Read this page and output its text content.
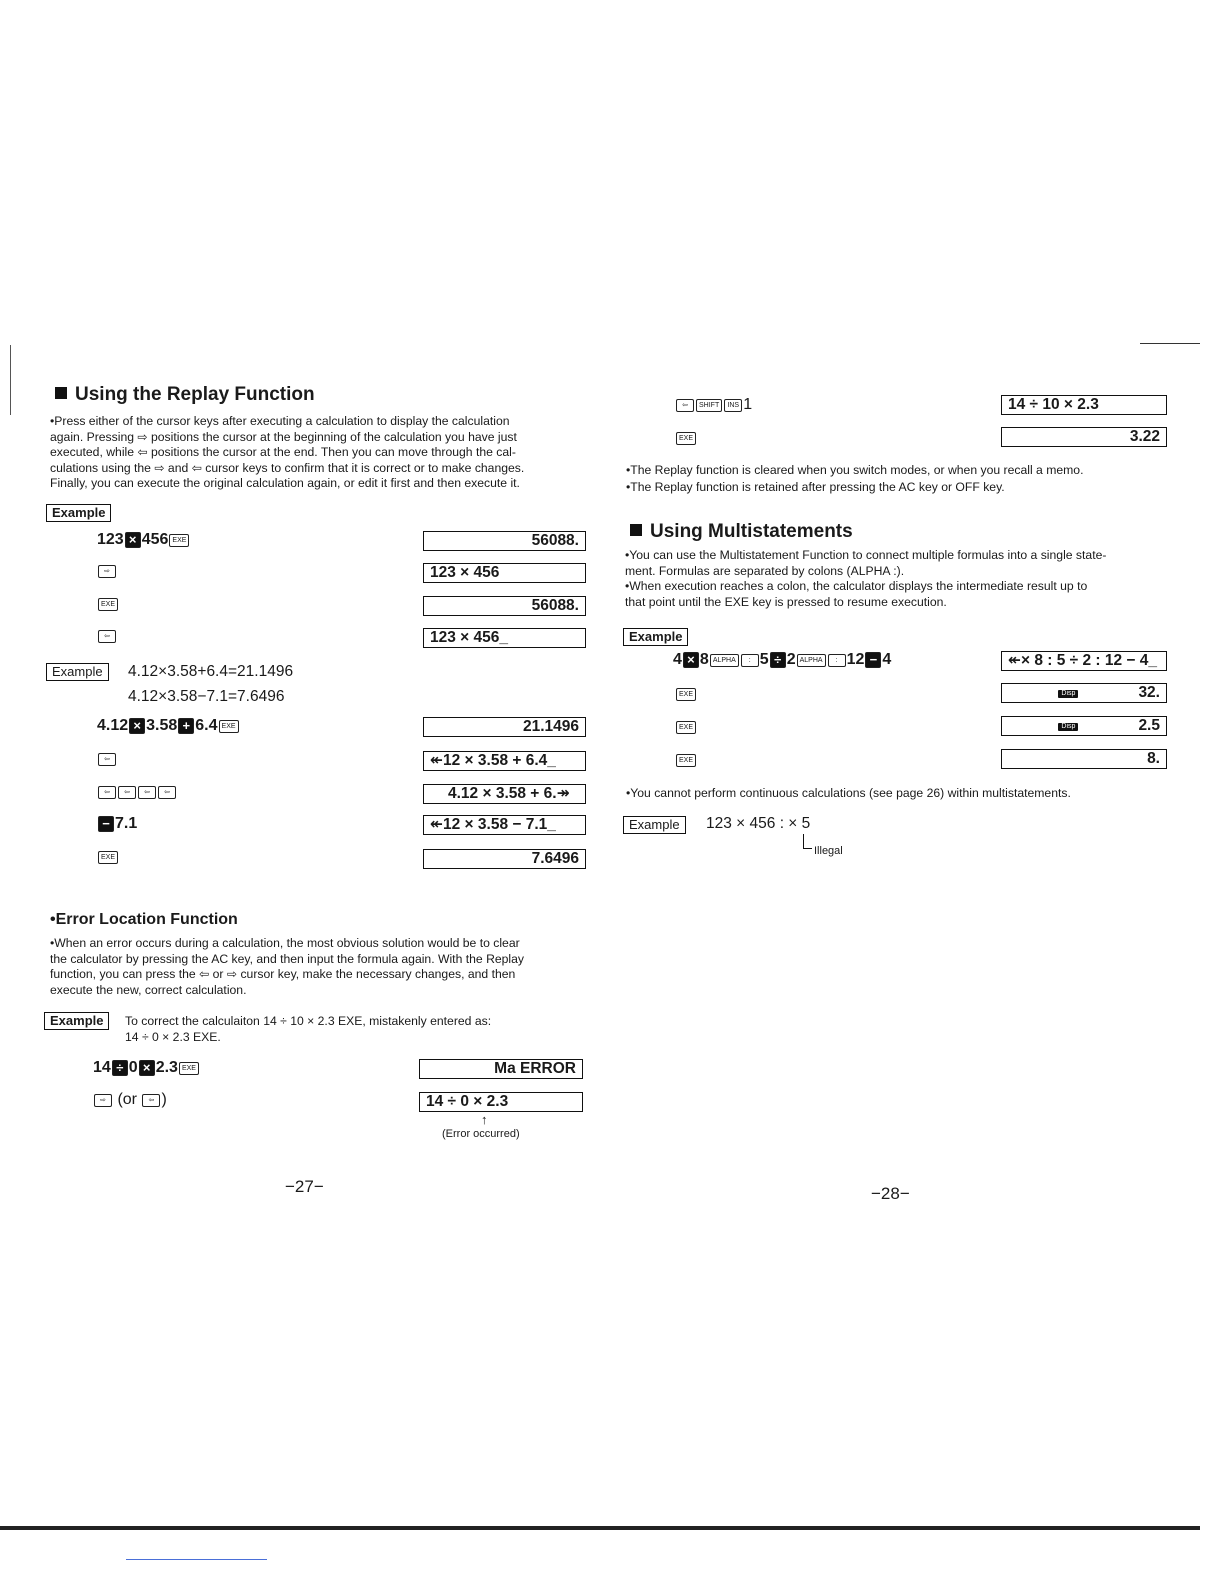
Using the Replay Function

•Press either of the cursor keys after executing a calculation to display the calculation

again. Pressing ⇨ positions the cursor at the beginning of the calculation you have just

executed, while ⇦ positions the cursor at the end. Then you can move through the cal-

culations using the ⇨ and ⇦ cursor keys to confirm that it is correct or to make changes.

Finally, you can execute the original calculation again, or edit it first and then execute it.

Example
123 × 456 EXE	56088.
⇨	123 × 456
EXE	56088.
⇦	123 × 456_
Example	4.12×3.58+6.4=21.1496
4.12×3.58−7.1=7.6496
4.12 × 3.58 + 6.4 EXE	21.1496
⇦	↞12 × 3.58 + 6.4_
⇦ ⇦ ⇦ ⇦	4.12 × 3.58 + 6.↠
− 7.1	↞12 × 3.58 − 7.1_
EXE	7.6496
•Error Location Function

•When an error occurs during a calculation, the most obvious solution would be to clear

the calculator by pressing the AC key, and then input the formula again. With the Replay

function, you can press the ⇦ or ⇨ cursor key, make the necessary changes, and then

execute the new, correct calculation.

Example	To correct the calculaiton 14 ÷ 10 × 2.3 EXE, mistakenly entered as:

14 ÷ 0 × 2.3 EXE.

14 ÷ 0 × 2.3 EXE	Ma ERROR
⇨ (or ⇦ )	14 ÷ 0 × 2.3
↑
(Error occurred)
−27−
⇦ SHIFT INS 1	14 ÷ 10 × 2.3
EXE	3.22
•The Replay function is cleared when you switch modes, or when you recall a memo.
•The Replay function is retained after pressing the AC key or OFF key.
Using Multistatements

•You can use the Multistatement Function to connect multiple formulas into a single state-

ment. Formulas are separated by colons (ALPHA :).

•When execution reaches a colon, the calculator displays the intermediate result up to

that point until the EXE key is pressed to resume execution.

Example
4 × 8 ALPHA : 5 ÷ 2 ALPHA : 12 − 4	↞× 8 : 5 ÷ 2 : 12 − 4_
EXE	Disp	32.
EXE	Disp	2.5
EXE	8.
•You cannot perform continuous calculations (see page 26) within multistatements.
Example	123 × 456 : × 5
Illegal
−28−
